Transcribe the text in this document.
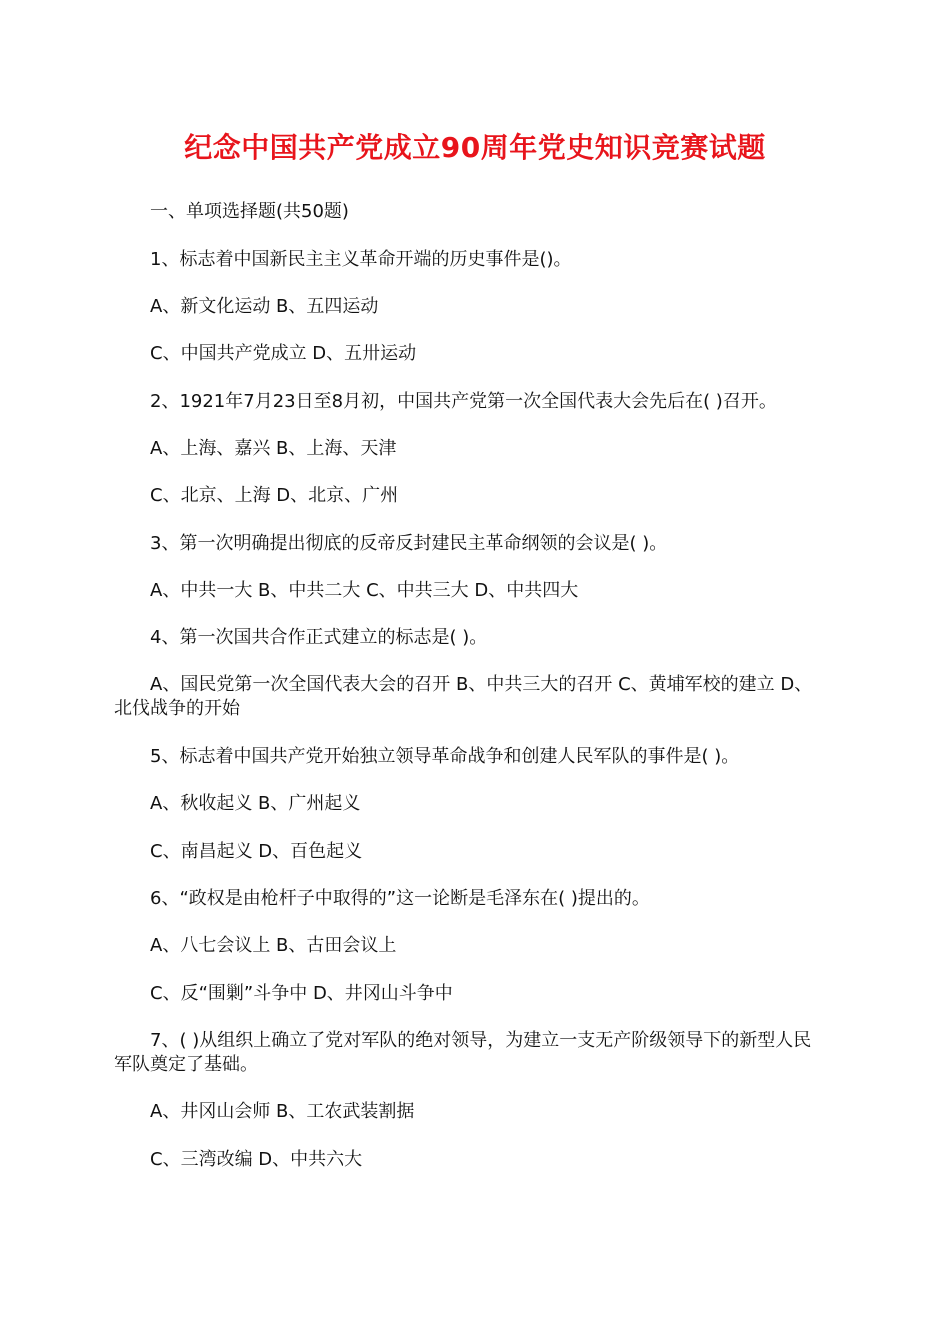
纪念中国共产党成立90周年党史知识竞赛试题
一、单项选择题(共50题)
1、标志着中国新民主主义革命开端的历史事件是()。
A、新文化运动 B、五四运动
C、中国共产党成立 D、五卅运动
2、1921年7月23日至8月初，中国共产党第一次全国代表大会先后在( )召开。
A、上海、嘉兴 B、上海、天津
C、北京、上海 D、北京、广州
3、第一次明确提出彻底的反帝反封建民主革命纲领的会议是( )。
A、中共一大 B、中共二大 C、中共三大 D、中共四大
4、第一次国共合作正式建立的标志是( )。
A、国民党第一次全国代表大会的召开 B、中共三大的召开 C、黄埔军校的建立 D、
北伐战争的开始
5、标志着中国共产党开始独立领导革命战争和创建人民军队的事件是( )。
A、秋收起义 B、广州起义
C、南昌起义 D、百色起义
6、“政权是由枪杆子中取得的”这一论断是毛泽东在( )提出的。
A、八七会议上 B、古田会议上
C、反“围剿”斗争中 D、井冈山斗争中
7、( )从组织上确立了党对军队的绝对领导，为建立一支无产阶级领导下的新型人民
军队奠定了基础。
A、井冈山会师 B、工农武装割据
C、三湾改编 D、中共六大
